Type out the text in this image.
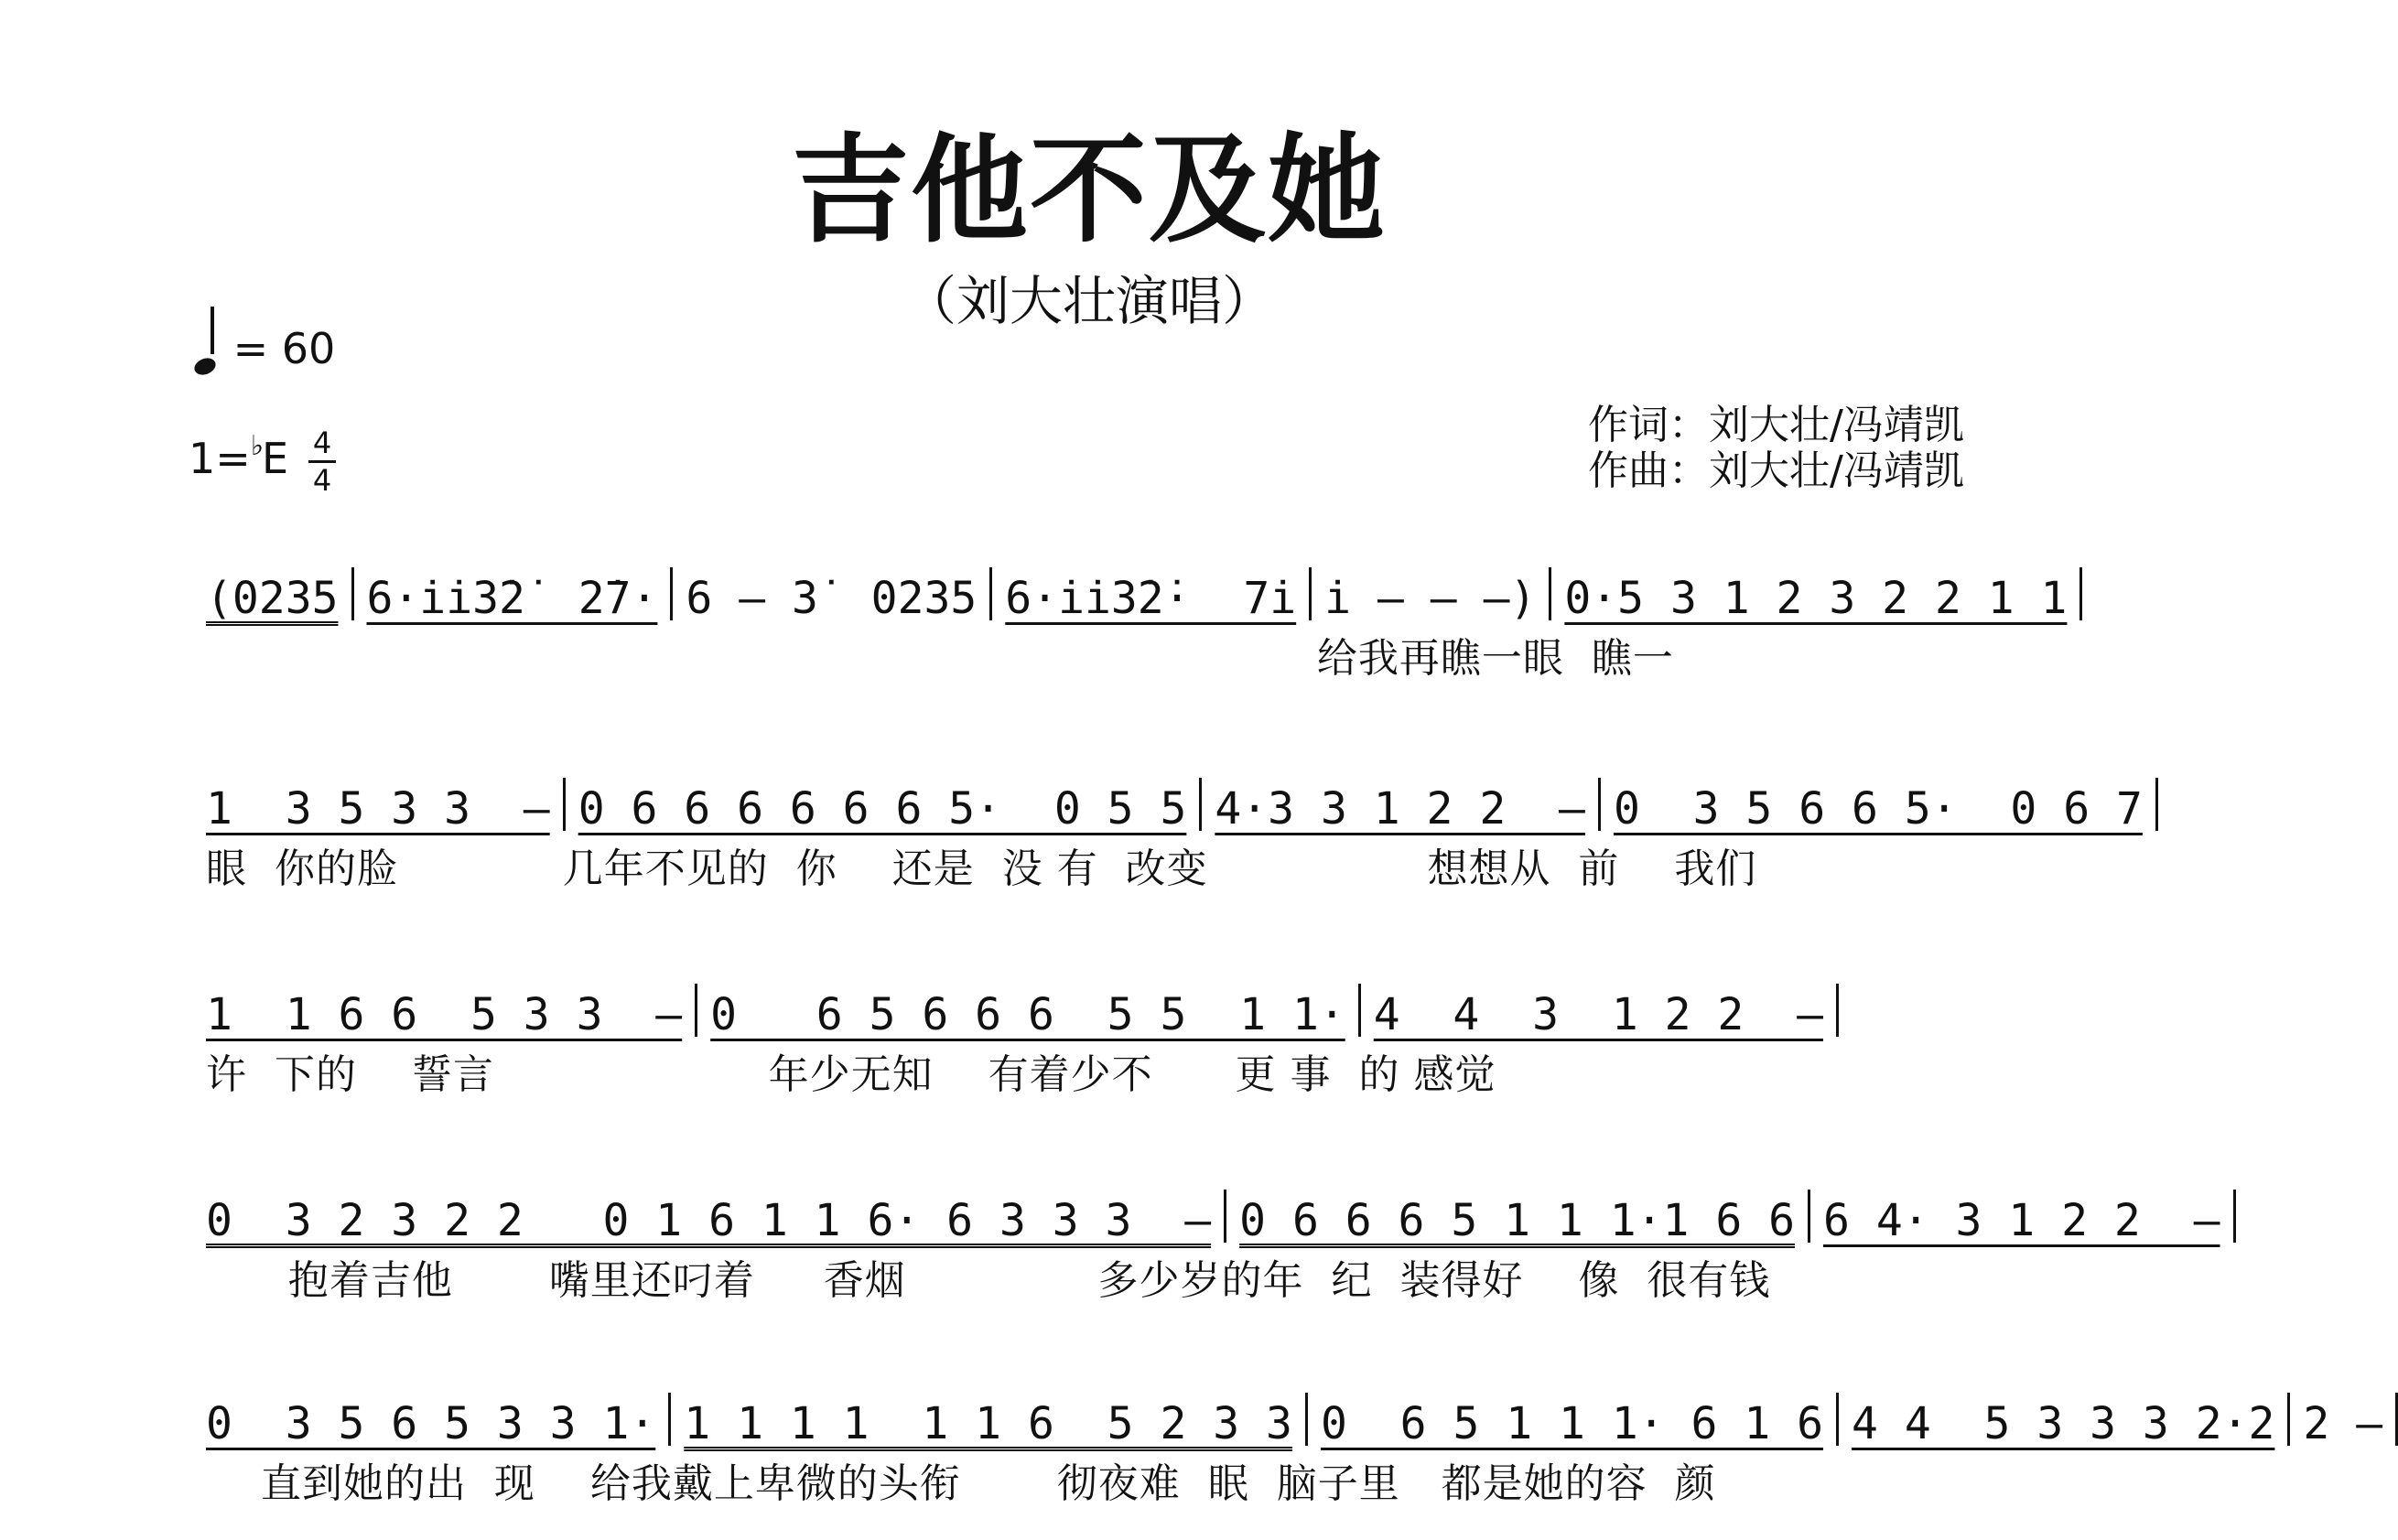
吉他不及她
（刘大壮演唱）
= 60
1=♭E 4
4
作词：刘大壮/冯靖凯
作曲：刘大壮/冯靖凯
(0235 6·i̇i̇3̇2̇  2̇7· 6 – 3̇  0235 6·i̇i̇3̇2̇·  7i̇ i̇ – – –) 0·5 3 1 2 3 2 2 1 1
给我再瞧一眼  瞧一
1  3 5 3 3  – 0 6 6 6 6 6 6 5·  0 5 5 4·3 3 1 2 2  – 0  3 5 6 6 5·  0 6 7
眼  你的脸            几年不见的  你    还是  没 有  改变                想想从  前    我们
1  1 6 6  5 3 3  – 0   6 5 6 6 6  5 5  1 1· 4  4  3  1 2 2  –
许  下的    誓言                    年少无知    有着少不      更 事  的 感觉
0  3 2 3 2 2   0 1 6 1 1 6· 6 3 3 3  – 0 6 6 6 5 1 1 1·1 6 6 6 4· 3 1 2 2  –
抱着吉他       嘴里还叼着     香烟              多少岁的年  纪  装得好    像  很有钱
0  3 5 6 5 3 3 1· 1 1 1 1  1 1 6  5 2 3 3 0  6 5 1 1 1· 6 1 6 4 4  5 3 3 3 2·2 2 –
直到她的出  现    给我戴上卑微的头衔       彻夜难  眠  脑子里   都是她的容  颜
